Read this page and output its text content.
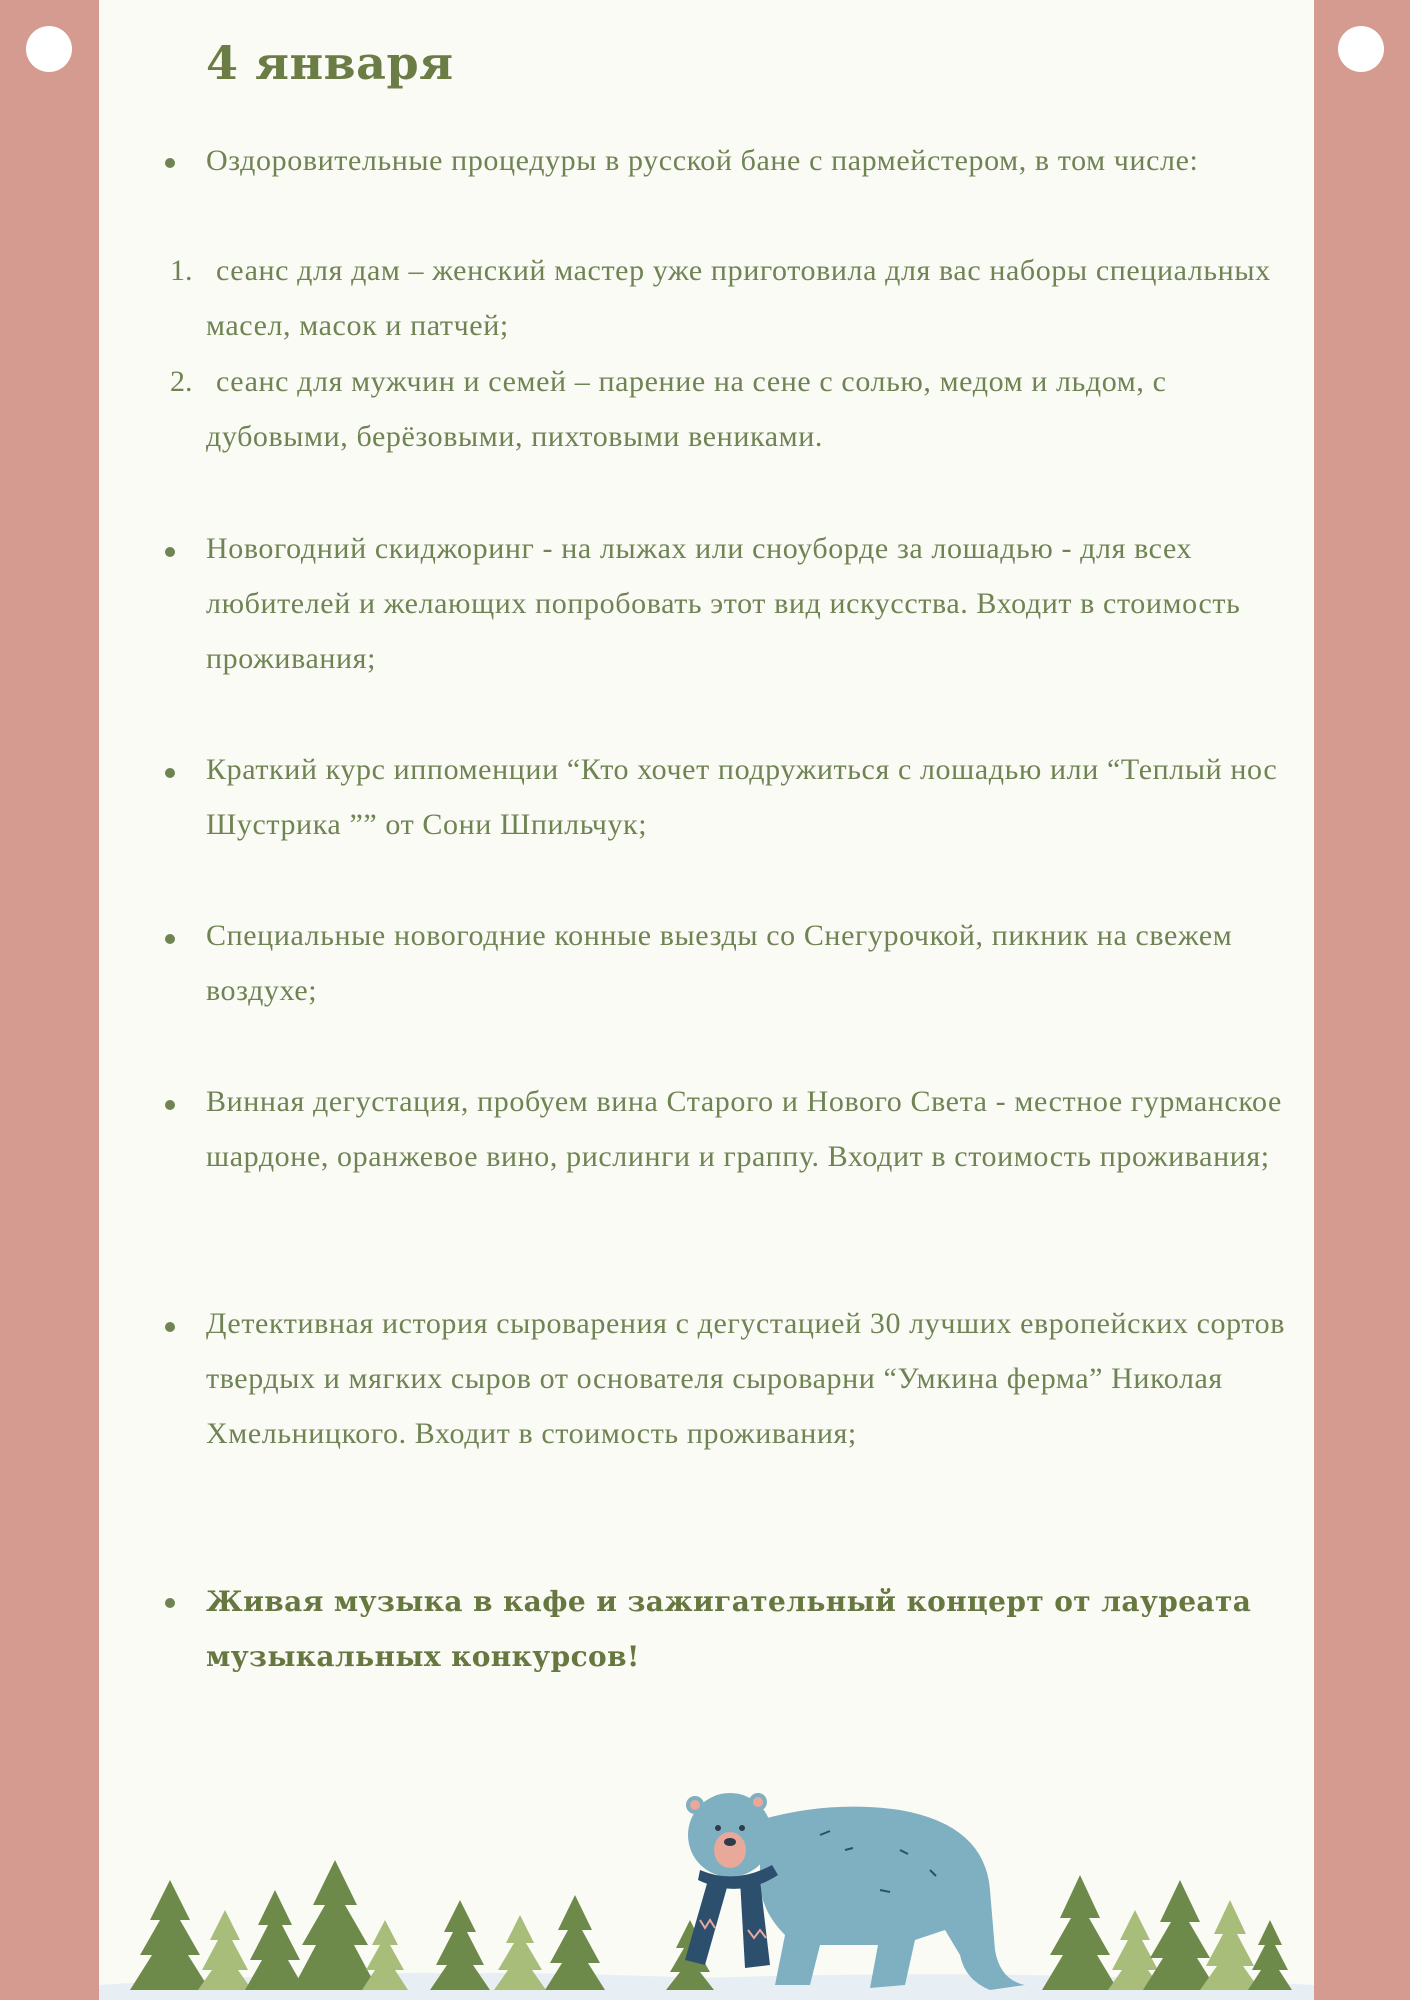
4 января
Оздоровительные процедуры в русской бане с пармейстером, в том числе:
1. сеанс для дам – женский мастер уже приготовила для вас наборы специальных масел, масок и патчей;
2. сеанс для мужчин и семей – парение на сене с солью, медом и льдом, с дубовыми, берёзовыми, пихтовыми вениками.
Новогодний скиджоринг - на лыжах или сноуборде за лошадью - для всех любителей и желающих попробовать этот вид искусства. Входит в стоимость проживания;
Краткий курс иппоменции “Кто хочет подружиться с лошадью или “Теплый нос Шустрика ”” от Сони Шпильчук;
Специальные новогодние конные выезды со Снегурочкой, пикник на свежем воздухе;
Винная дегустация, пробуем вина Старого и Нового Света - местное гурманское шардоне, оранжевое вино, рислинги и граппу. Входит в стоимость проживания;
Детективная история сыроварения с дегустацией 30 лучших европейских сортов твердых и мягких сыров от основателя сыроварни “Умкина ферма” Николая Хмельницкого. Входит в стоимость проживания;
Живая музыка в кафе и зажигательный концерт от лауреата музыкальных конкурсов!
